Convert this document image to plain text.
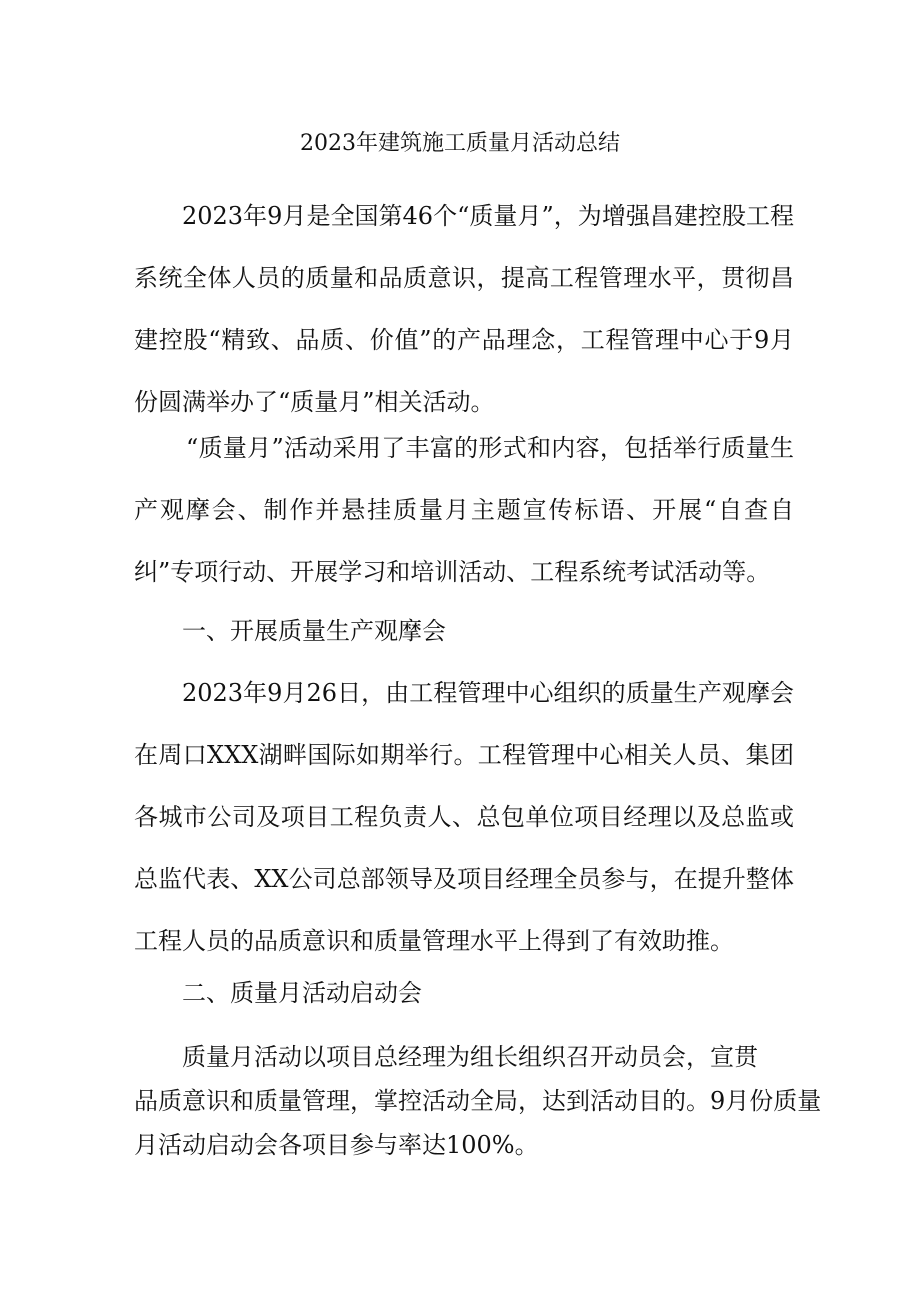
2023年建筑施工质量月活动总结

2023年9月是全国第46个“质量月”，为增强昌建控股工程系统全体人员的质量和品质意识，提高工程管理水平，贯彻昌建控股“精致、品质、价值”的产品理念，工程管理中心于9月份圆满举办了“质量月”相关活动。

“质量月”活动采用了丰富的形式和内容，包括举行质量生产观摩会、制作并悬挂质量月主题宣传标语、开展“自查自纠”专项行动、开展学习和培训活动、工程系统考试活动等。

一、开展质量生产观摩会

2023年9月26日，由工程管理中心组织的质量生产观摩会在周口XXX湖畔国际如期举行。工程管理中心相关人员、集团各城市公司及项目工程负责人、总包单位项目经理以及总监或总监代表、XX公司总部领导及项目经理全员参与，在提升整体工程人员的品质意识和质量管理水平上得到了有效助推。

二、质量月活动启动会

质量月活动以项目总经理为组长组织召开动员会，宣贯
品质意识和质量管理，掌控活动全局，达到活动目的。9月份质量
月活动启动会各项目参与率达100%。
